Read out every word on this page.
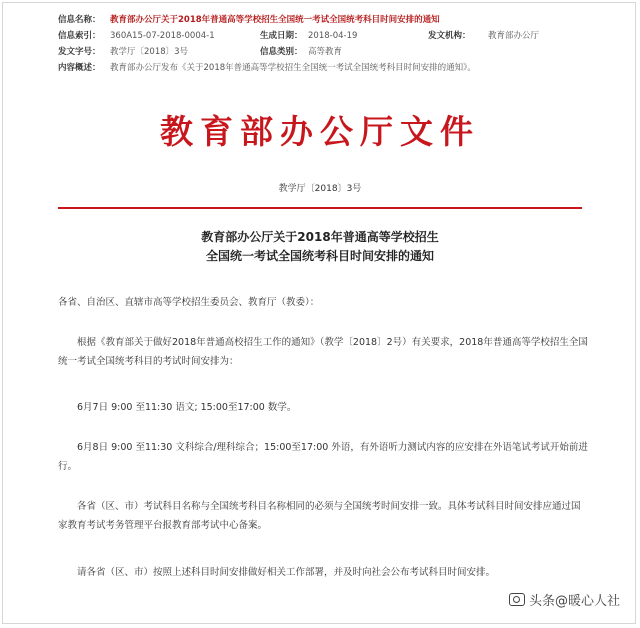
信息名称：	教育部办公厅关于2018年普通高等学校招生全国统一考试全国统考科目时间安排的通知
信息索引：	360A15-07-2018-0004-1	生成日期： 2018-04-19	发文机构：	教育部办公厅
发文字号：	教学厅〔2018〕3号	信息类别： 高等教育
内容概述：	教育部办公厅发布《关于2018年普通高等学校招生全国统一考试全国统考科目时间安排的通知》。
教育部办公厅文件
教学厅〔2018〕3号
教育部办公厅关于2018年普通高等学校招生
全国统一考试全国统考科目时间安排的通知
各省、自治区、直辖市高等学校招生委员会、教育厅（教委）：
根据《教育部关于做好2018年普通高校招生工作的通知》（教学〔2018〕2号）有关要求，2018年普通高等学校招生全国统一考试全国统考科目的考试时间安排为：
6月7日 9:00 至11:30 语文; 15:00至17:00 数学。
6月8日 9:00 至11:30 文科综合/理科综合；15:00至17:00 外语，有外语听力测试内容的应安排在外语笔试考试开始前进行。
各省（区、市）考试科目名称与全国统考科目名称相同的必须与全国统考时间安排一致。具体考试科目时间安排应通过国家教育考试考务管理平台报教育部考试中心备案。
请各省（区、市）按照上述科目时间安排做好相关工作部署，并及时向社会公布考试科目时间安排。
头条@暖心人社
